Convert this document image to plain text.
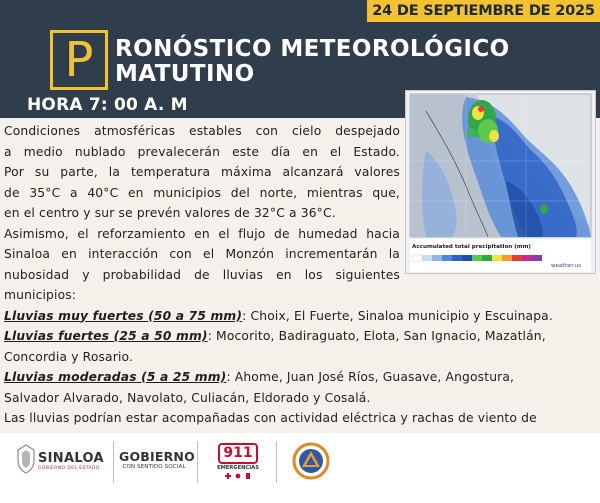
24 DE SEPTIEMBRE DE 2025
P RONÓSTICO METEOROLÓGICO
MATUTINO
HORA 7: 00 A. M
Accumulated total precipitation (mm)
weather.us
Condiciones atmosféricas estables con cielo despejado
a medio nublado prevalecerán este día en el Estado.
Por su parte, la temperatura máxima alcanzará valores
de 35°C a 40°C en municipios del norte, mientras que,
en el centro y sur se prevén valores de 32°C a 36°C.
Asimismo, el reforzamiento en el flujo de humedad hacia
Sinaloa en interacción con el Monzón incrementarán la
nubosidad y probabilidad de lluvias en los siguientes
municipios:
Lluvias muy fuertes (50 a 75 mm): Choix, El Fuerte, Sinaloa municipio y Escuinapa.
Lluvias fuertes (25 a 50 mm): Mocorito, Badiraguato, Elota, San Ignacio, Mazatlán,
Concordia y Rosario.
Lluvias moderadas (5 a 25 mm): Ahome, Juan José Ríos, Guasave, Angostura,
Salvador Alvarado, Navolato, Culiacán, Eldorado y Cosalá.
Las lluvias podrían estar acompañadas con actividad eléctrica y rachas de viento de
SINALOA
GOBIERNO DEL ESTADO
GOBIERNO
CON SENTIDO SOCIAL
911
EMERGENCIAS
